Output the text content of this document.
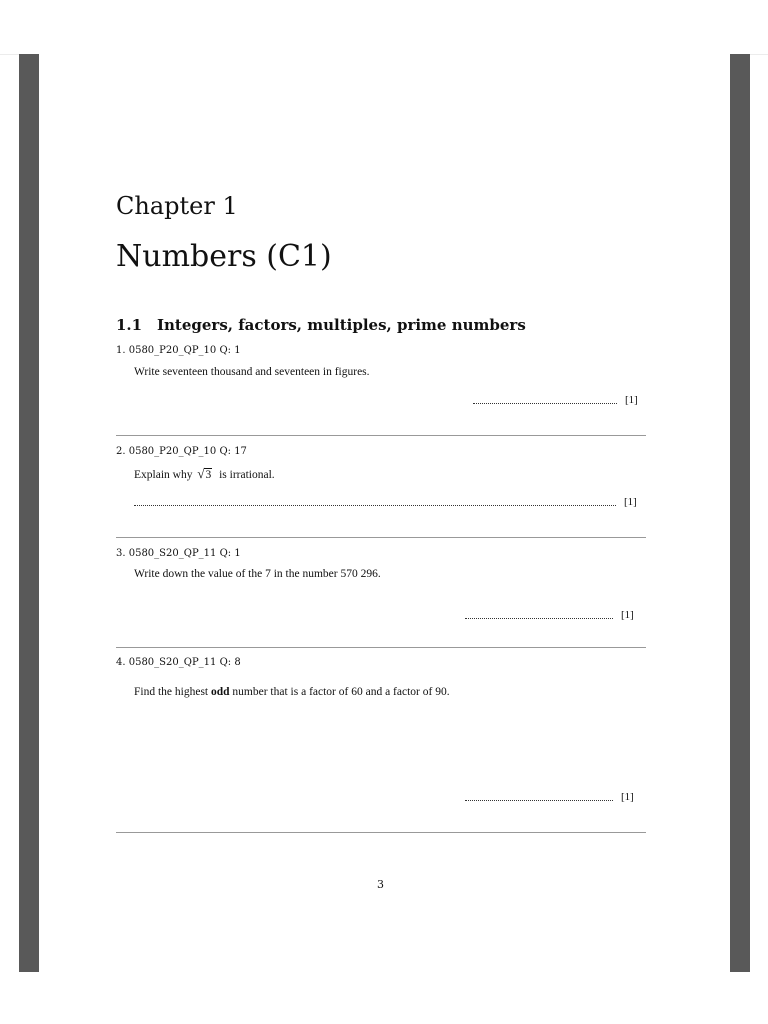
Chapter 1
Numbers (C1)
1.1 Integers, factors, multiples, prime numbers
1. 0580_P20_QP_10 Q: 1
Write seventeen thousand and seventeen in figures.
[1]
2. 0580_P20_QP_10 Q: 17
Explain why √3 is irrational.
[1]
3. 0580_S20_QP_11 Q: 1
Write down the value of the 7 in the number 570 296.
[1]
4. 0580_S20_QP_11 Q: 8
Find the highest odd number that is a factor of 60 and a factor of 90.
[1]
3
